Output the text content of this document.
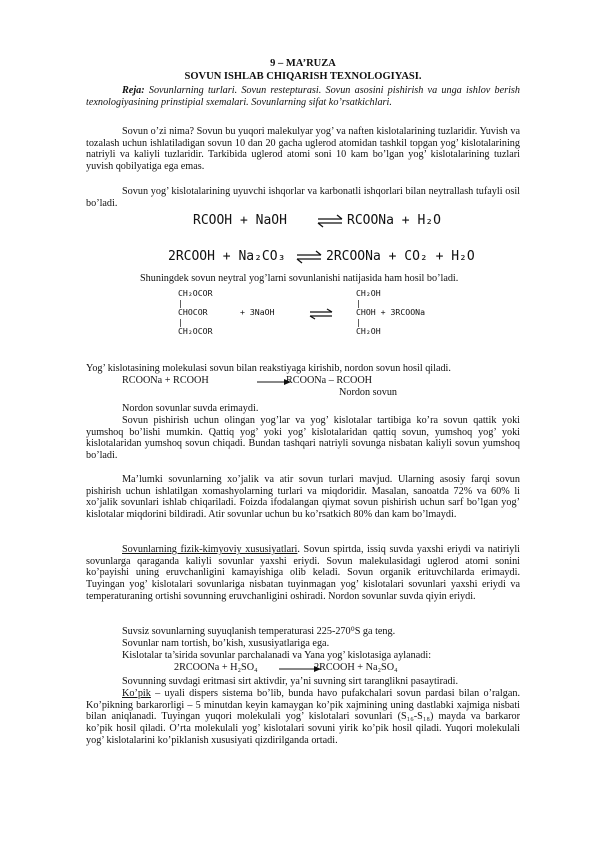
9 – MA’RUZA
SOVUN ISHLAB CHIQARISH TEXNOLOGIYASI.
Reja: Sovunlarning turlari. Sovun restepturasi. Sovun asosini pishirish va unga ishlov berish texnologiyasining prinstipial sxemalari. Sovunlarning sifat ko’rsatkichlari.
Sovun o’zi nima? Sovun bu yuqori malekulyar yog’ va naften kislotalarining tuzlaridir. Yuvish va tozalash uchun ishlatiladigan sovun 10 dan 20 gacha uglerod atomidan tashkil topgan yog’ kislotalarining natriyli va kaliyli tuzlaridir. Tarkibida uglerod atomi soni 10 kam bo’lgan yog’ kislotalarining tuzlari yuvish qobilyatiga ega emas.
Sovun yog’ kislotalarining uyuvchi ishqorlar va karbonatli ishqorlari bilan neytrallash tufayli osil bo’ladi.
RCOOH + NaOH ⇌ RCOONa + H₂O
2RCOOH + Na₂CO₃ ⇌ 2RCOONa + CO₂ + H₂O
Shuningdek sovun neytral yog’larni sovunlanishi natijasida ham hosil bo’ladi.
CH₂OCOR
|
CHOCOR
|
CH₂OCOR
+ 3NaOH
CH₂OH
|
CHOH + 3RCOONa
|
CH₂OH
Yog’ kislotasining molekulasi sovun bilan reakstiyaga kirishib, nordon sovun hosil qiladi.
RCOONa + RCOOH	RCOONa – RCOOH
Nordon sovun
Nordon sovunlar suvda erimaydi.
Sovun pishirish uchun olingan yog’lar va yog’ kislotalar tartibiga ko’ra sovun qattik yoki yumshoq bo’lishi mumkin. Qattiq yog’ yoki yog’ kislotalaridan qattiq sovun, yumshoq yog’ yoki kislotalaridan yumshoq sovun chiqadi. Bundan tashqari natriyli sovunga nisbatan kaliyli sovun yumshoq bo’ladi.
Ma’lumki sovunlarning xo’jalik va atir sovun turlari mavjud. Ularning asosiy farqi sovun pishirish uchun ishlatilgan xomashyolarning turlari va miqdoridir. Masalan, sanoatda 72% va 60% li xo’jalik sovunlari ishlab chiqariladi. Foizda ifodalangan qiymat sovun pishirish uchun sarf bo’lgan yog’ kislotalar miqdorini bildiradi. Atir sovunlar uchun bu ko’rsatkich 80% dan kam bo’lmaydi.
Sovunlarning fizik-kimyoviy xususiyatlari. Sovun spirtda, issiq suvda yaxshi eriydi va natiriyli sovunlarga qaraganda kaliyli sovunlar yaxshi eriydi. Sovun malekulasidagi uglerod atomi sonini ko’payishi uning eruvchanligini kamayishiga olib keladi. Sovun organik erituvchilarda erimaydi. Tuyingan yog’ kislotalari sovunlariga nisbatan tuyinmagan yog’ kislotalari sovunlari yaxshi eriydi va temperaturaning ortishi sovunning eruvchanligini oshiradi. Nordon sovunlar suvda qiyin eriydi.
Suvsiz sovunlarning suyuqlanish temperaturasi 225-270⁰S ga teng.
Sovunlar nam tortish, bo’kish, xususiyatlariga ega.
Kislotalar ta’sirida sovunlar parchalanadi va Yana yog’ kislotasiga aylanadi:
2RCOONa + H₂SO₄	2RCOOH + Na₂SO₄
Sovunning suvdagi eritmasi sirt aktivdir, ya’ni suvning sirt taranglikni pasaytiradi.
Ko’pik – uyali dispers sistema bo’lib, bunda havo pufakchalari sovun pardasi bilan o’ralgan. Ko’pikning barkarorligi – 5 minutdan keyin kamaygan ko’pik xajmining uning dastlabki xajmiga nisbati bilan aniqlanadi. Tuyingan yuqori molekulali yog’ kislotalari sovunlari (S₁₆-S₁₈) mayda va barkaror ko’pik hosil qiladi. O’rta molekulali yog’ kislotalari sovuni yirik ko’pik hosil qiladi. Yuqori molekulali yog’ kislotalarini ko’piklanish xususiyati qizdirilganda ortadi.
